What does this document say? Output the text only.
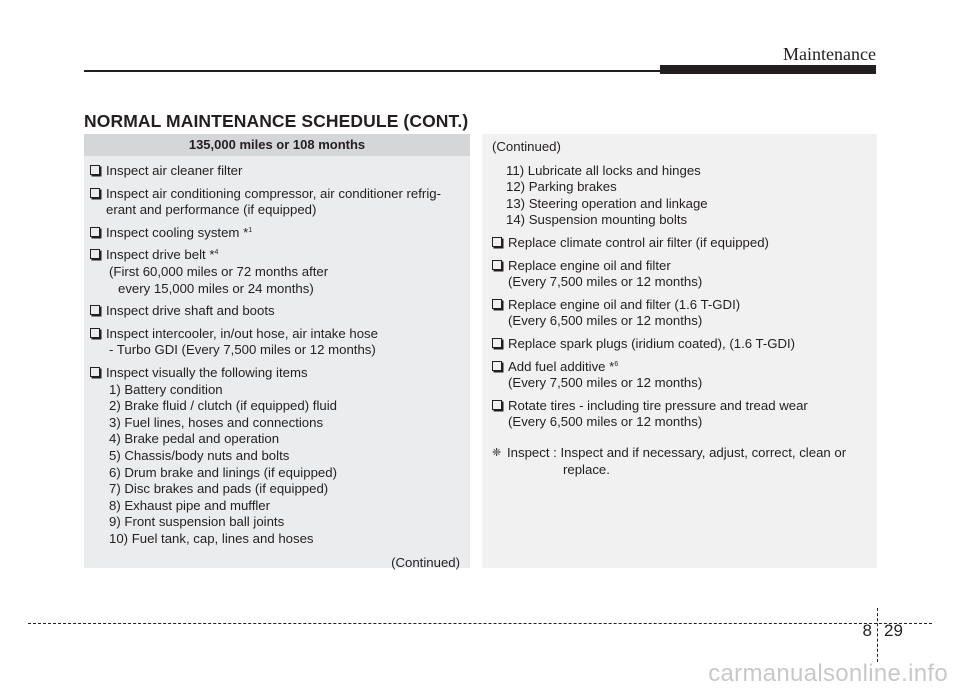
Maintenance
NORMAL MAINTENANCE SCHEDULE (CONT.)
135,000 miles or 108 months
Inspect air cleaner filter
Inspect air conditioning compressor, air conditioner refrig-
erant and performance (if equipped)
Inspect cooling system *$^1$
Inspect drive belt *$^4$
(First 60,000 miles or 72 months after
every 15,000 miles or 24 months)
Inspect drive shaft and boots
Inspect intercooler, in/out hose, air intake hose
- Turbo GDI (Every 7,500 miles or 12 months)
Inspect visually the following items
1) Battery condition
2) Brake fluid / clutch (if equipped) fluid
3) Fuel lines, hoses and connections
4) Brake pedal and operation
5) Chassis/body nuts and bolts
6) Drum brake and linings (if equipped)
7) Disc brakes and pads (if equipped)
8) Exhaust pipe and muffler
9) Front suspension ball joints
10) Fuel tank, cap, lines and hoses
(Continued)
(Continued)
11) Lubricate all locks and hinges
12) Parking brakes
13) Steering operation and linkage
14) Suspension mounting bolts
Replace climate control air filter (if equipped)
Replace engine oil and filter
(Every 7,500 miles or 12 months)
Replace engine oil and filter (1.6 T-GDI)
(Every 6,500 miles or 12 months)
Replace spark plugs (iridium coated), (1.6 T-GDI)
Add fuel additive *$^6$
(Every 7,500 miles or 12 months)
Rotate tires - including tire pressure and tread wear
(Every 6,500 miles or 12 months)
❈ Inspect : Inspect and if necessary, adjust, correct, clean or
replace.
8 29
carmanualsonline.info
